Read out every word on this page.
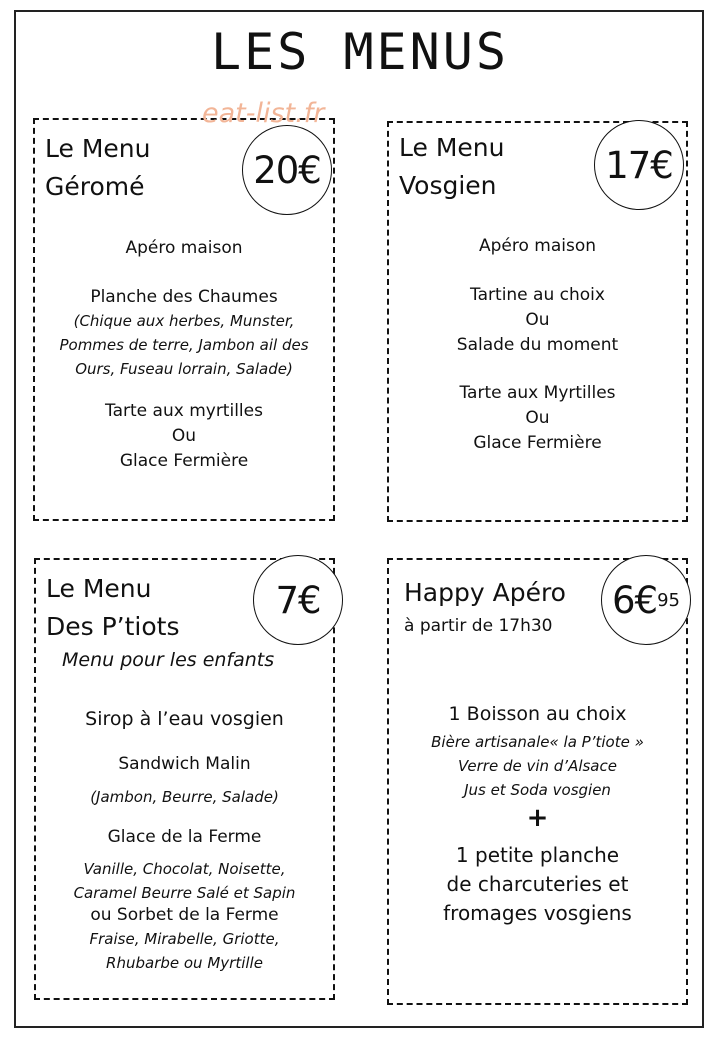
LES MENUS
Le Menu
Géromé
Apéro maison
Planche des Chaumes
(Chique aux herbes, Munster,
Pommes de terre, Jambon ail des
Ours, Fuseau lorrain, Salade)
Tarte aux myrtilles
Ou
Glace Fermière
20€
Le Menu
Vosgien
Apéro maison
Tartine au choix
Ou
Salade du moment
Tarte aux Myrtilles
Ou
Glace Fermière
17€
Le Menu
Des P’tiots
Menu pour les enfants
Sirop à l’eau vosgien
Sandwich Malin
(Jambon, Beurre, Salade)
Glace de la Ferme
Vanille, Chocolat, Noisette,
Caramel Beurre Salé et Sapin
ou Sorbet de la Ferme
Fraise, Mirabelle, Griotte,
Rhubarbe ou Myrtille
7€	Happy Apéro
à partir de 17h30
1 Boisson au choix
Bière artisanale« la P’tiote »
Verre de vin d’Alsace
Jus et Soda vosgien
+
1 petite planche
de charcuteries et
fromages vosgiens
6€ 95
eat-list.fr
